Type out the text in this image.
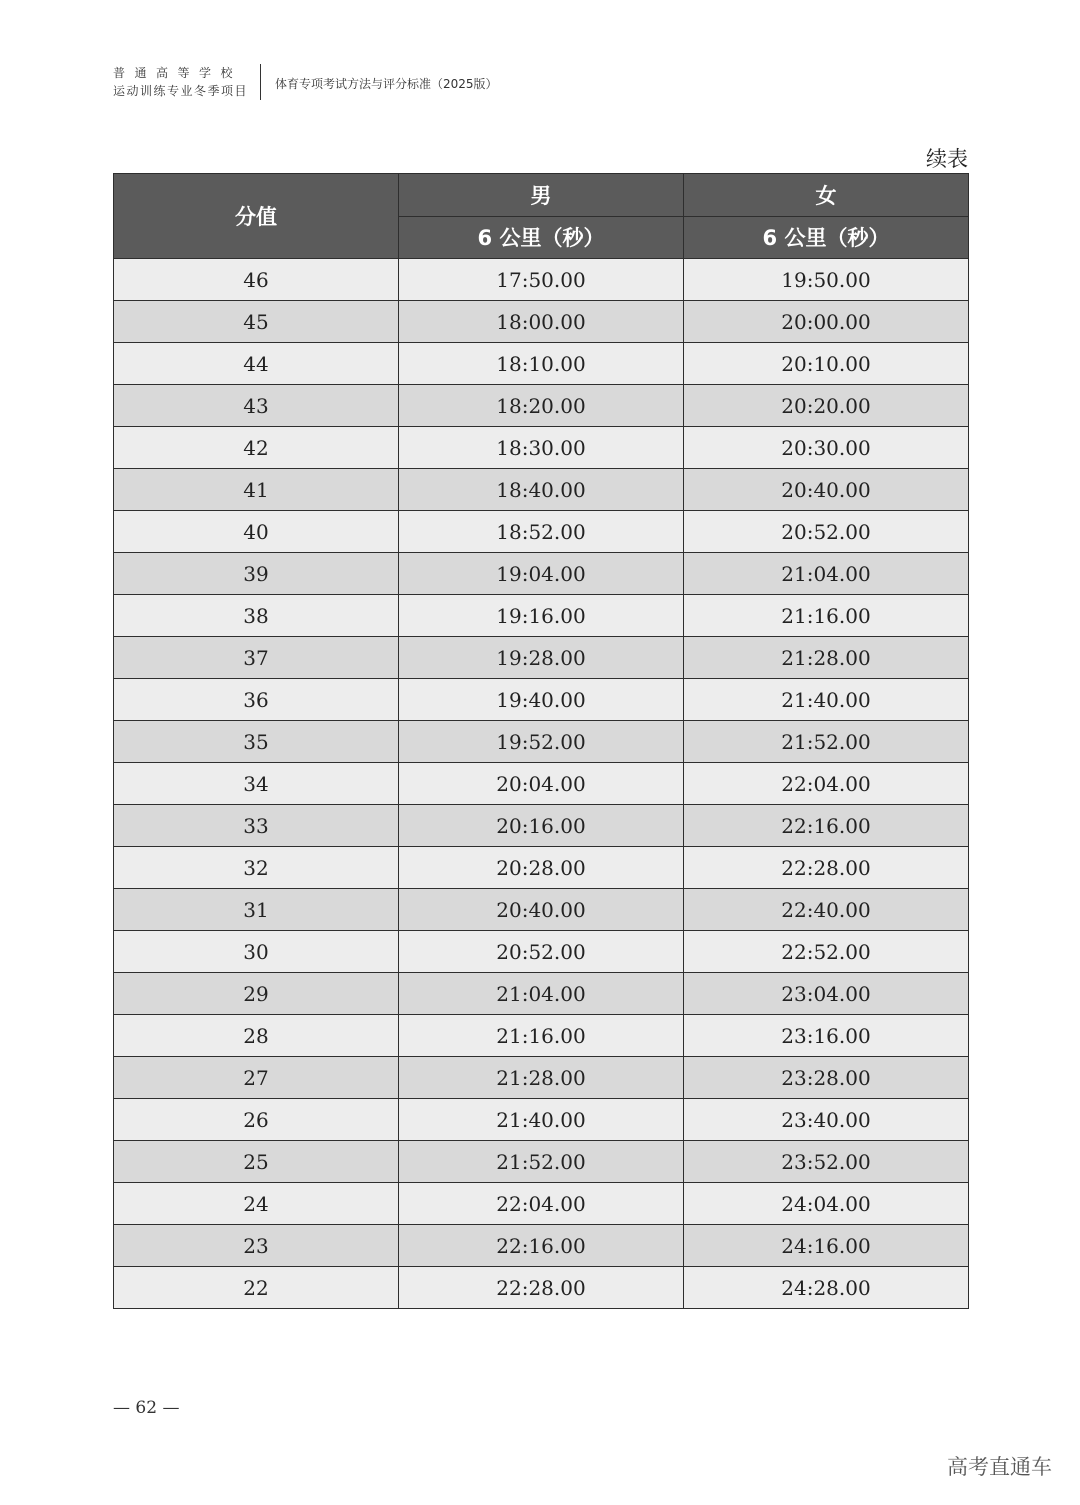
普通高等学校
运动训练专业冬季项目	体育专项考试方法与评分标准（2025版）
续表
分值	男	女
	6 公里（秒）	6 公里（秒）
46	17:50.00	19:50.00
45	18:00.00	20:00.00
44	18:10.00	20:10.00
43	18:20.00	20:20.00
42	18:30.00	20:30.00
41	18:40.00	20:40.00
40	18:52.00	20:52.00
39	19:04.00	21:04.00
38	19:16.00	21:16.00
37	19:28.00	21:28.00
36	19:40.00	21:40.00
35	19:52.00	21:52.00
34	20:04.00	22:04.00
33	20:16.00	22:16.00
32	20:28.00	22:28.00
31	20:40.00	22:40.00
30	20:52.00	22:52.00
29	21:04.00	23:04.00
28	21:16.00	23:16.00
27	21:28.00	23:28.00
26	21:40.00	23:40.00
25	21:52.00	23:52.00
24	22:04.00	24:04.00
23	22:16.00	24:16.00
22	22:28.00	24:28.00
— 62 —
高考直通车
